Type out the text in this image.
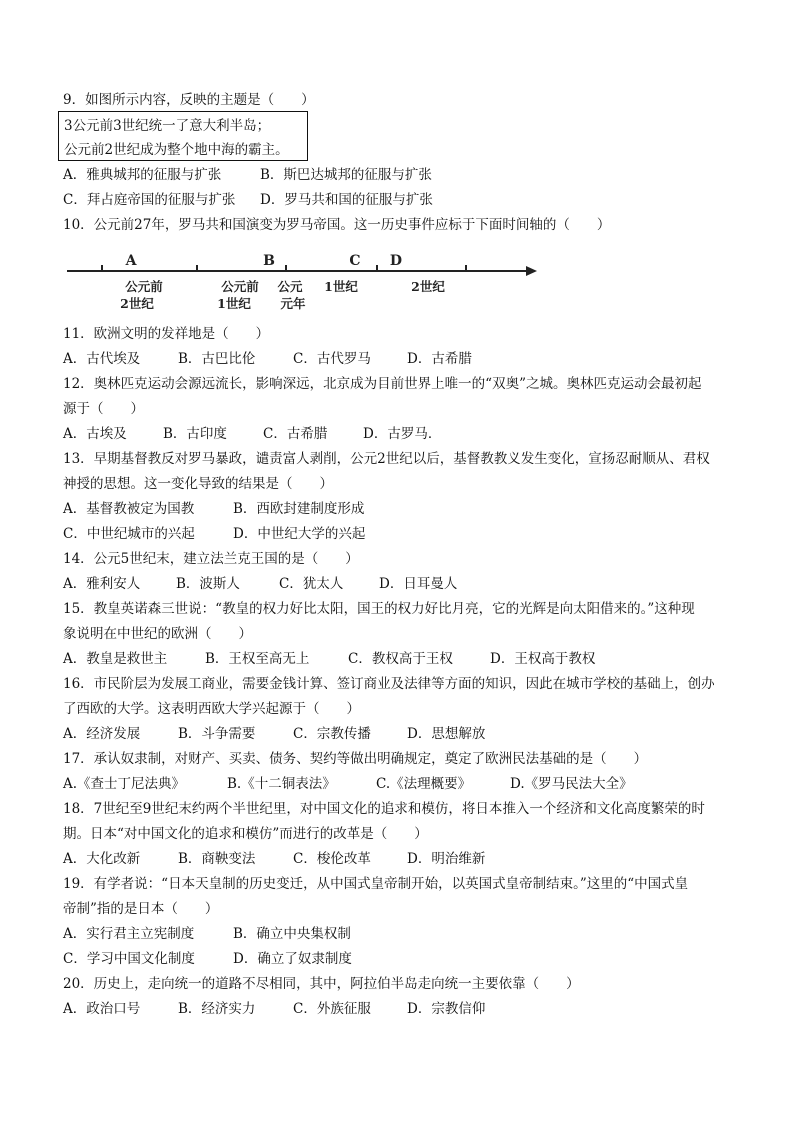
9．如图所示内容，反映的主题是（　　）
3公元前3世纪统一了意大利半岛；
公元前2世纪成为整个地中海的霸主。
A．雅典城邦的征服与扩张	B．斯巴达城邦的征服与扩张
C．拜占庭帝国的征服与扩张 D．罗马共和国的征服与扩张
10．公元前27年，罗马共和国演变为罗马帝国。这一历史事件应标于下面时间轴的（　　）
A	B	C D
公元前
2世纪
公元前
1世纪
公元
元年
1世纪	2世纪
11．欧洲文明的发祥地是（　　）
A．古代埃及	B．古巴比伦	C．古代罗马	D．古希腊
12．奥林匹克运动会源远流长，影响深远，北京成为目前世界上唯一的“双奥”之城。奥林匹克运动会最初起
源于（　　）
A．古埃及	B．古印度	C．古希腊	D．古罗马．
13．早期基督教反对罗马暴政，谴责富人剥削，公元2世纪以后，基督教教义发生变化，宣扬忍耐顺从、君权
神授的思想。这一变化导致的结果是（　　）
A．基督教被定为国教	B．西欧封建制度形成
C．中世纪城市的兴起	D．中世纪大学的兴起
14．公元5世纪末，建立法兰克王国的是（　　）
A．雅利安人	B．波斯人	C．犹太人	D．日耳曼人
15．教皇英诺森三世说：“教皇的权力好比太阳，国王的权力好比月亮，它的光辉是向太阳借来的。”这种现
象说明在中世纪的欧洲（　　）
A．教皇是救世主	B．王权至高无上	C．教权高于王权	D．王权高于教权
16．市民阶层为发展工商业，需要金钱计算、签订商业及法律等方面的知识，因此在城市学校的基础上，创办
了西欧的大学。这表明西欧大学兴起源于（　　）
A．经济发展	B．斗争需要	C．宗教传播	D．思想解放
17．承认奴隶制，对财产、买卖、债务、契约等做出明确规定，奠定了欧洲民法基础的是（　　）
A.《查士丁尼法典》	B.《十二铜表法》	C.《法理概要》	D.《罗马民法大全》
18．7世纪至9世纪末约两个半世纪里，对中国文化的追求和模仿，将日本推入一个经济和文化高度繁荣的时
期。日本“对中国文化的追求和模仿”而进行的改革是（　　）
A．大化改新	B．商鞅变法	C．梭伦改革	D．明治维新
19．有学者说：“日本天皇制的历史变迁，从中国式皇帝制开始，以英国式皇帝制结束。”这里的“中国式皇
帝制”指的是日本（　　）
A．实行君主立宪制度	B．确立中央集权制
C．学习中国文化制度	D．确立了奴隶制度
20．历史上，走向统一的道路不尽相同，其中，阿拉伯半岛走向统一主要依靠（　　）
A．政治口号	B．经济实力	C．外族征服	D．宗教信仰
